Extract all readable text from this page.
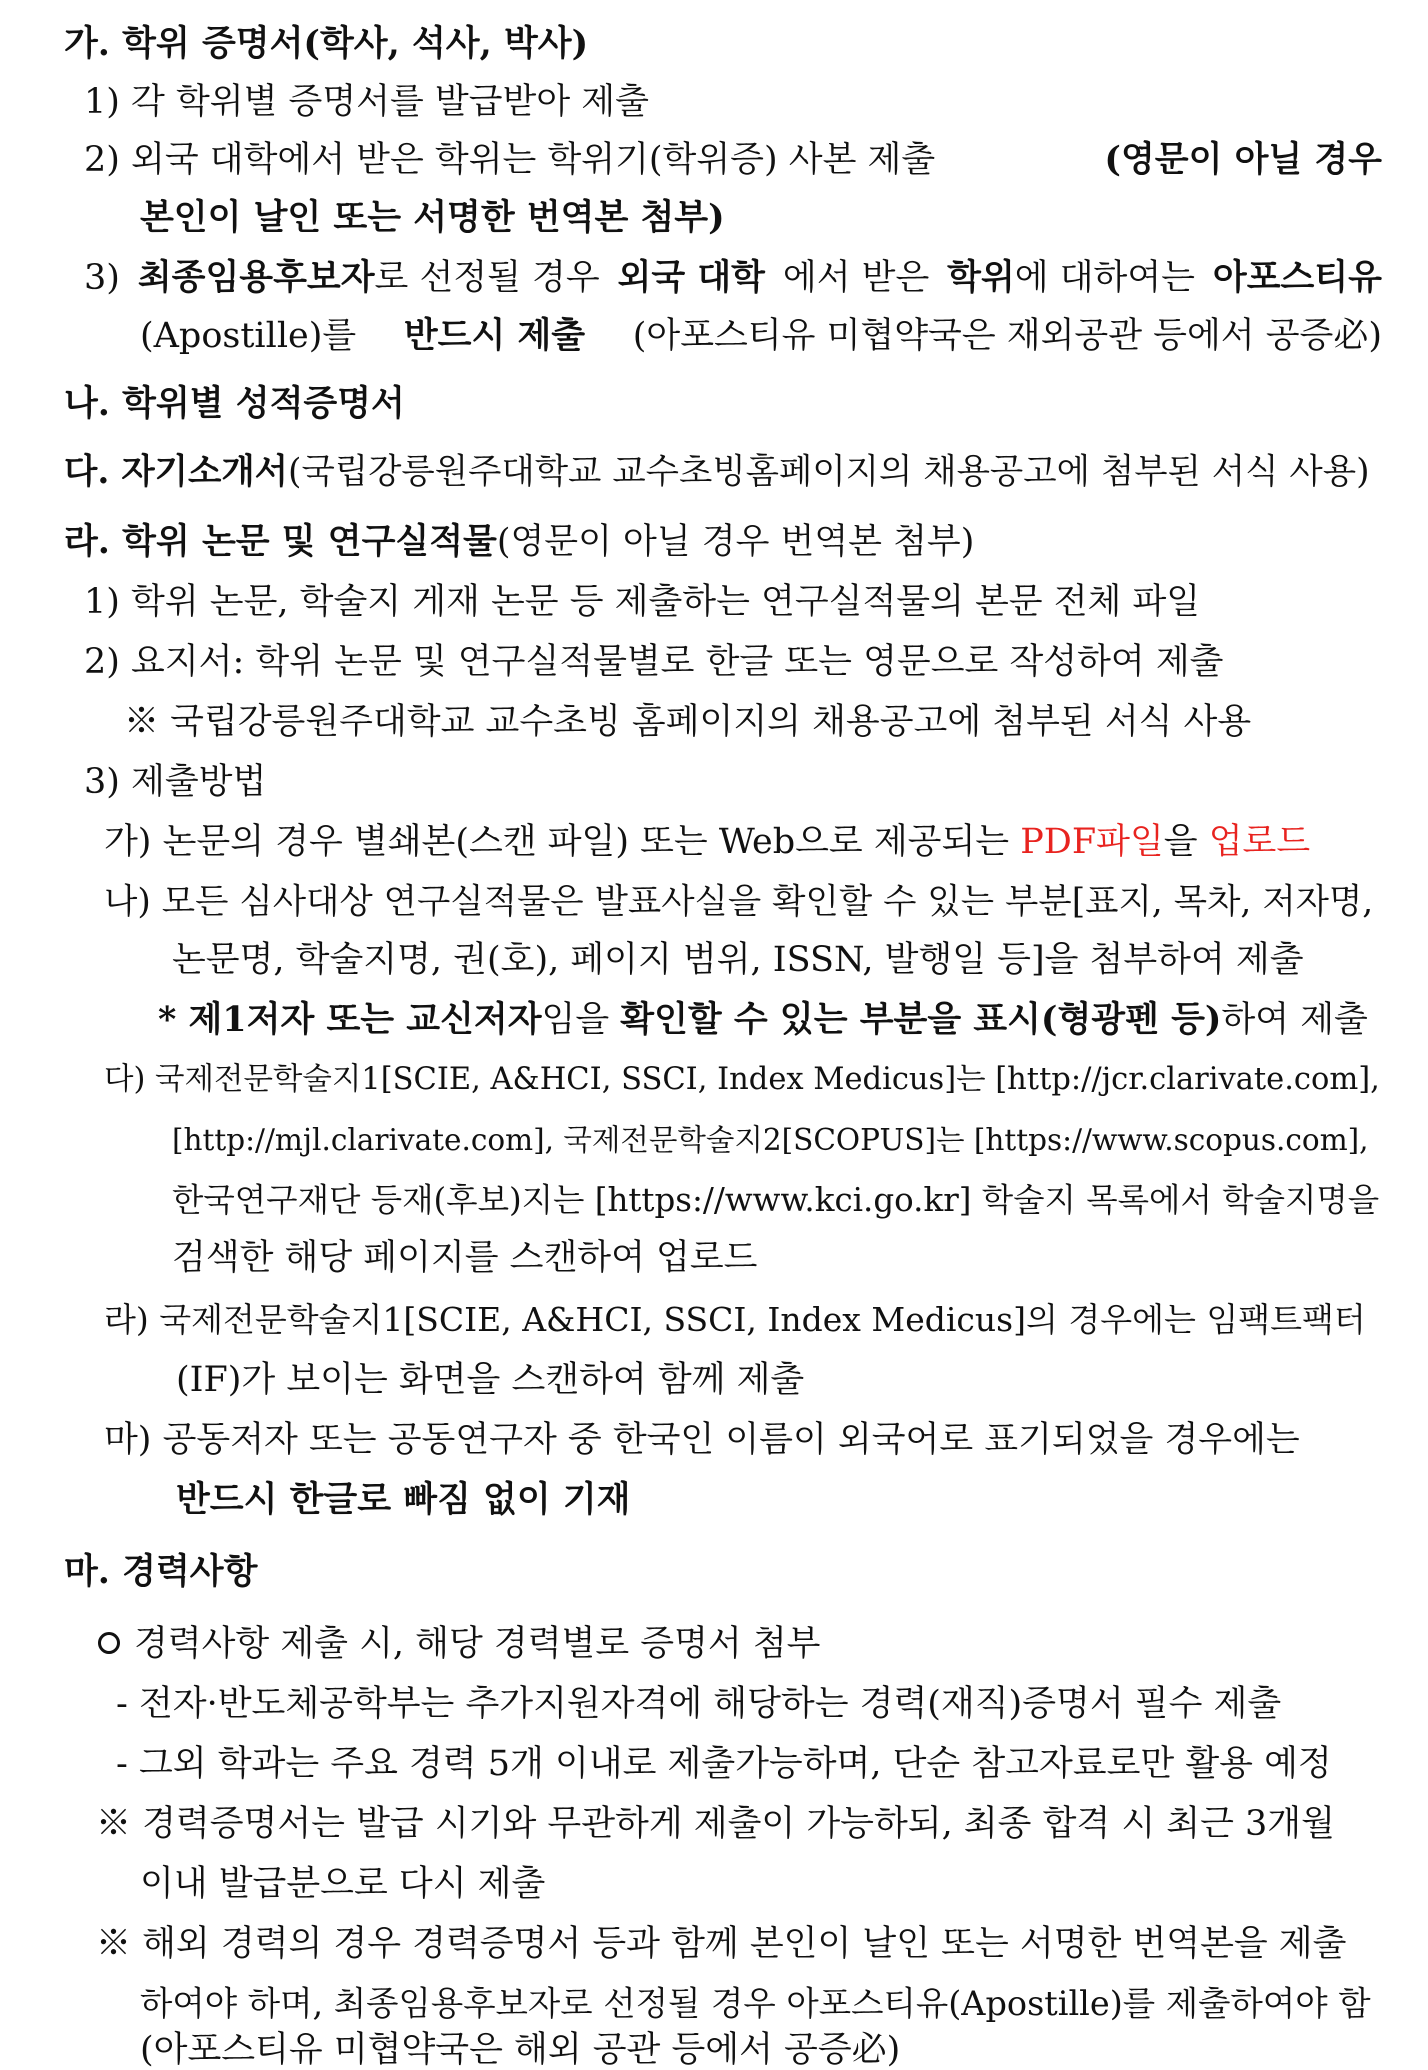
가. 학위 증명서(학사, 석사, 박사)
1) 각 학위별 증명서를 발급받아 제출
2) 외국 대학에서 받은 학위는 학위기(학위증) 사본 제출	(영문이 아닐 경우
본인이 날인 또는 서명한 번역본 첨부)
3) 최종임용후보자로 선정될 경우 외국 대학 에서 받은 학위에 대하여는 아포스티유
(Apostille)를 반드시 제출 (아포스티유 미협약국은 재외공관 등에서 공증必)
나. 학위별 성적증명서
다. 자기소개서(국립강릉원주대학교 교수초빙홈페이지의 채용공고에 첨부된 서식 사용)
라. 학위 논문 및 연구실적물(영문이 아닐 경우 번역본 첨부)
1) 학위 논문, 학술지 게재 논문 등 제출하는 연구실적물의 본문 전체 파일
2) 요지서: 학위 논문 및 연구실적물별로 한글 또는 영문으로 작성하여 제출
※ 국립강릉원주대학교 교수초빙 홈페이지의 채용공고에 첨부된 서식 사용
3) 제출방법
가) 논문의 경우 별쇄본(스캔 파일) 또는 Web으로 제공되는 PDF파일을 업로드
나) 모든 심사대상 연구실적물은 발표사실을 확인할 수 있는 부분[표지, 목차, 저자명,
논문명, 학술지명, 권(호), 페이지 범위, ISSN, 발행일 등]을 첨부하여 제출
* 제1저자 또는 교신저자임을 확인할 수 있는 부분을 표시(형광펜 등)하여 제출
다) 국제전문학술지1[SCIE, A&HCI, SSCI, Index Medicus]는 [http://jcr.clarivate.com],
[http://mjl.clarivate.com], 국제전문학술지2[SCOPUS]는 [https://www.scopus.com],
한국연구재단 등재(후보)지는 [https://www.kci.go.kr] 학술지 목록에서 학술지명을
검색한 해당 페이지를 스캔하여 업로드
라) 국제전문학술지1[SCIE, A&HCI, SSCI, Index Medicus]의 경우에는 임팩트팩터
(IF)가 보이는 화면을 스캔하여 함께 제출
마) 공동저자 또는 공동연구자 중 한국인 이름이 외국어로 표기되었을 경우에는
반드시 한글로 빠짐 없이 기재
마. 경력사항
경력사항 제출 시, 해당 경력별로 증명서 첨부
- 전자·반도체공학부는 추가지원자격에 해당하는 경력(재직)증명서 필수 제출
- 그외 학과는 주요 경력 5개 이내로 제출가능하며, 단순 참고자료로만 활용 예정
※ 경력증명서는 발급 시기와 무관하게 제출이 가능하되, 최종 합격 시 최근 3개월
이내 발급분으로 다시 제출
※ 해외 경력의 경우 경력증명서 등과 함께 본인이 날인 또는 서명한 번역본을 제출
하여야 하며, 최종임용후보자로 선정될 경우 아포스티유(Apostille)를 제출하여야 함
(아포스티유 미협약국은 해외 공관 등에서 공증必)
